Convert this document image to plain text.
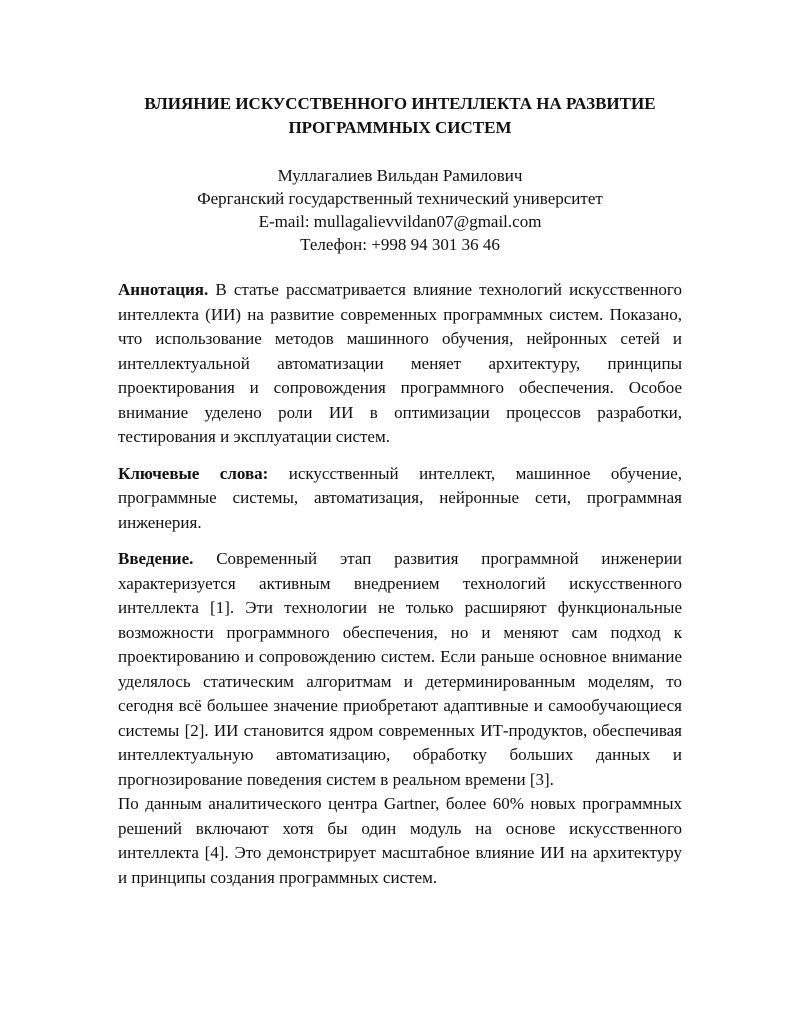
ВЛИЯНИЕ ИСКУССТВЕННОГО ИНТЕЛЛЕКТА НА РАЗВИТИЕ
ПРОГРАММНЫХ СИСТЕМ
Муллагалиев Вильдан Рамилович
Ферганский государственный технический университет
E-mail: mullagalievvildan07@gmail.com
Телефон: +998 94 301 36 46

Аннотация. В статье рассматривается влияние технологий искусственного интеллекта (ИИ) на развитие современных программных систем. Показано, что использование методов машинного обучения, нейронных сетей и интеллектуальной автоматизации меняет архитектуру, принципы проектирования и сопровождения программного обеспечения. Особое внимание уделено роли ИИ в оптимизации процессов разработки, тестирования и эксплуатации систем.

Ключевые слова: искусственный интеллект, машинное обучение, программные системы, автоматизация, нейронные сети, программная инженерия.

Введение. Современный этап развития программной инженерии характеризуется активным внедрением технологий искусственного интеллекта [1]. Эти технологии не только расширяют функциональные возможности программного обеспечения, но и меняют сам подход к проектированию и сопровождению систем. Если раньше основное внимание уделялось статическим алгоритмам и детерминированным моделям, то сегодня всё большее значение приобретают адаптивные и самообучающиеся системы [2]. ИИ становится ядром современных ИТ-продуктов, обеспечивая интеллектуальную автоматизацию, обработку больших данных и прогнозирование поведения систем в реальном времени [3].

По данным аналитического центра Gartner, более 60% новых программных решений включают хотя бы один модуль на основе искусственного интеллекта [4]. Это демонстрирует масштабное влияние ИИ на архитектуру и принципы создания программных систем.
